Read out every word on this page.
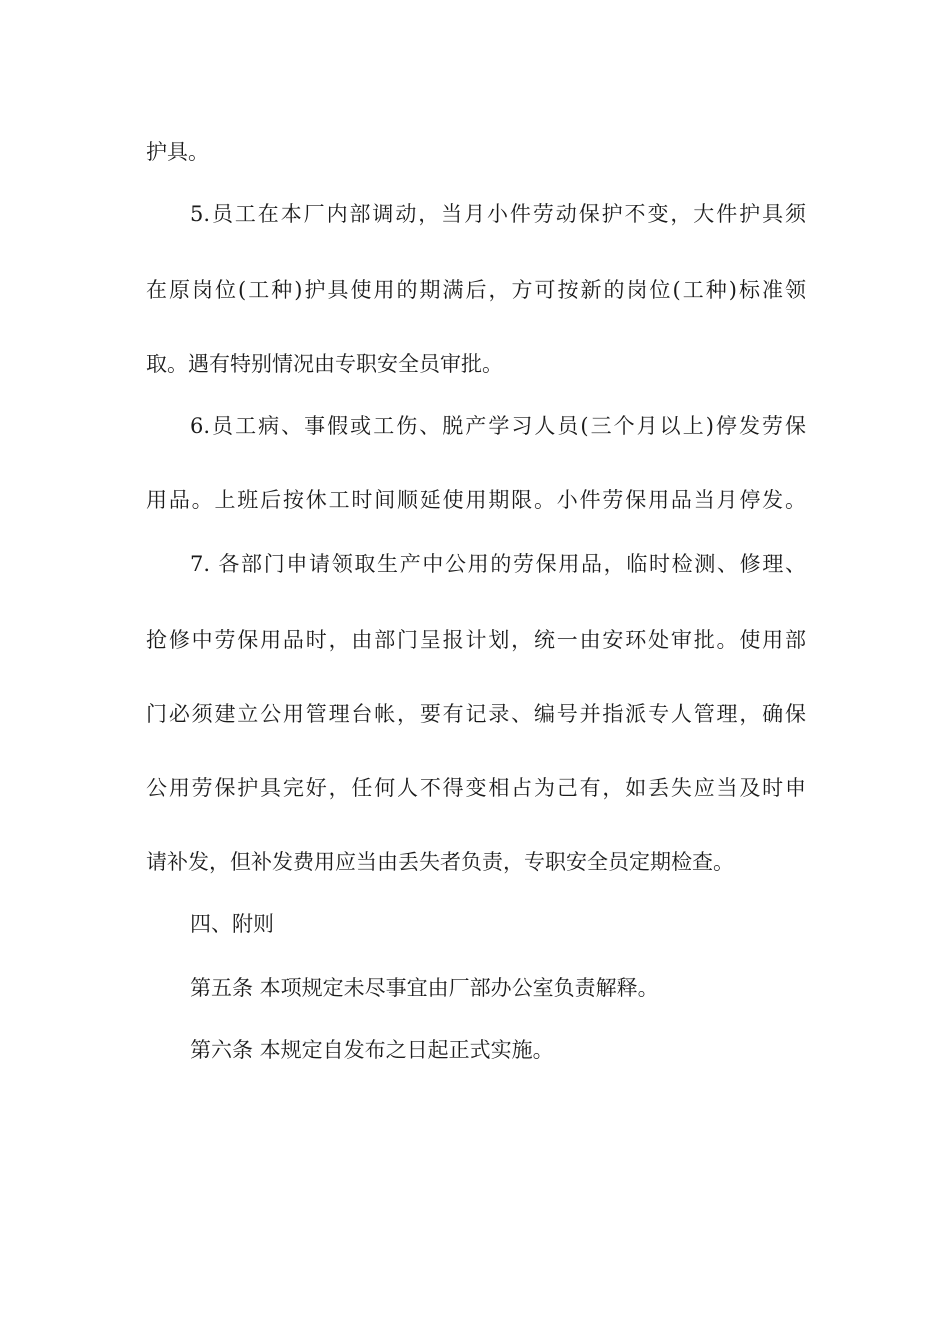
护具。
5.员工在本厂内部调动，当月小件劳动保护不变，大件护具须
在原岗位(工种)护具使用的期满后，方可按新的岗位(工种)标准领
取。遇有特别情况由专职安全员审批。
6.员工病、事假或工伤、脱产学习人员(三个月以上)停发劳保
用品。上班后按休工时间顺延使用期限。小件劳保用品当月停发。
7. 各部门申请领取生产中公用的劳保用品，临时检测、修理、
抢修中劳保用品时，由部门呈报计划，统一由安环处审批。使用部
门必须建立公用管理台帐，要有记录、编号并指派专人管理，确保
公用劳保护具完好，任何人不得变相占为己有，如丢失应当及时申
请补发，但补发费用应当由丢失者负责，专职安全员定期检查。
四、附则
第五条 本项规定未尽事宜由厂部办公室负责解释。
第六条 本规定自发布之日起正式实施。
